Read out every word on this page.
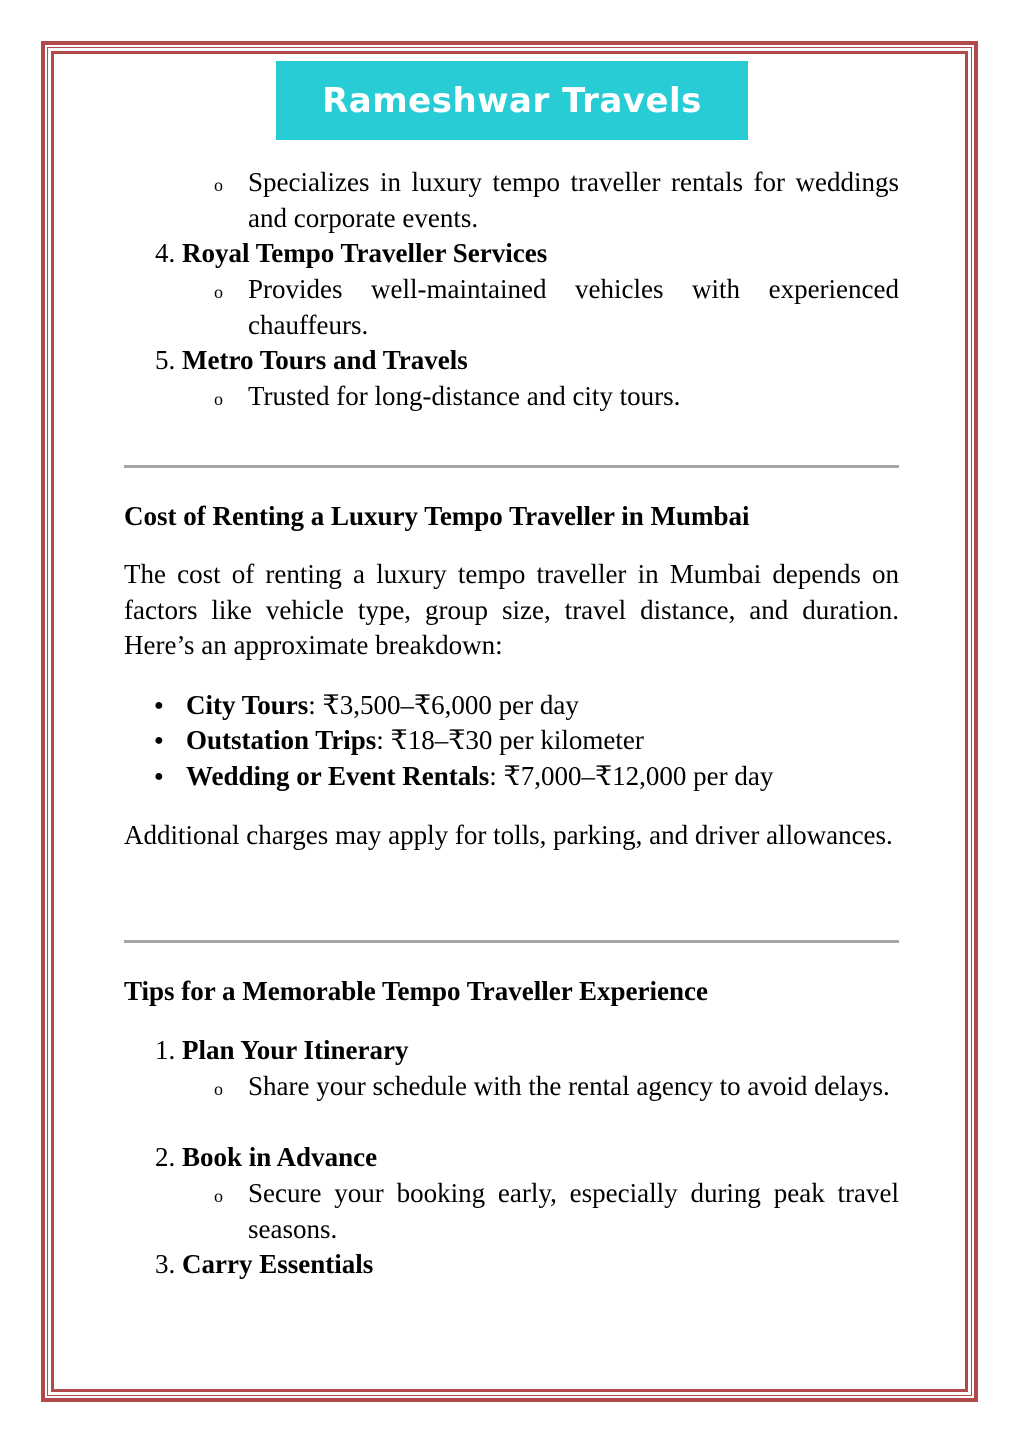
Rameshwar Travels
o Specializes in luxury tempo traveller rentals for weddings and corporate events.
4. Royal Tempo Traveller Services
o Provides well-maintained vehicles with experienced chauffeurs.
5. Metro Tours and Travels
o Trusted for long-distance and city tours.
Cost of Renting a Luxury Tempo Traveller in Mumbai
The cost of renting a luxury tempo traveller in Mumbai depends on factors like vehicle type, group size, travel distance, and duration. Here’s an approximate breakdown:
● City Tours: ₹3,500–₹6,000 per day
● Outstation Trips: ₹18–₹30 per kilometer
● Wedding or Event Rentals: ₹7,000–₹12,000 per day
Additional charges may apply for tolls, parking, and driver allowances.
Tips for a Memorable Tempo Traveller Experience
1. Plan Your Itinerary
o Share your schedule with the rental agency to avoid delays.
2. Book in Advance
o Secure your booking early, especially during peak travel seasons.
3. Carry Essentials
